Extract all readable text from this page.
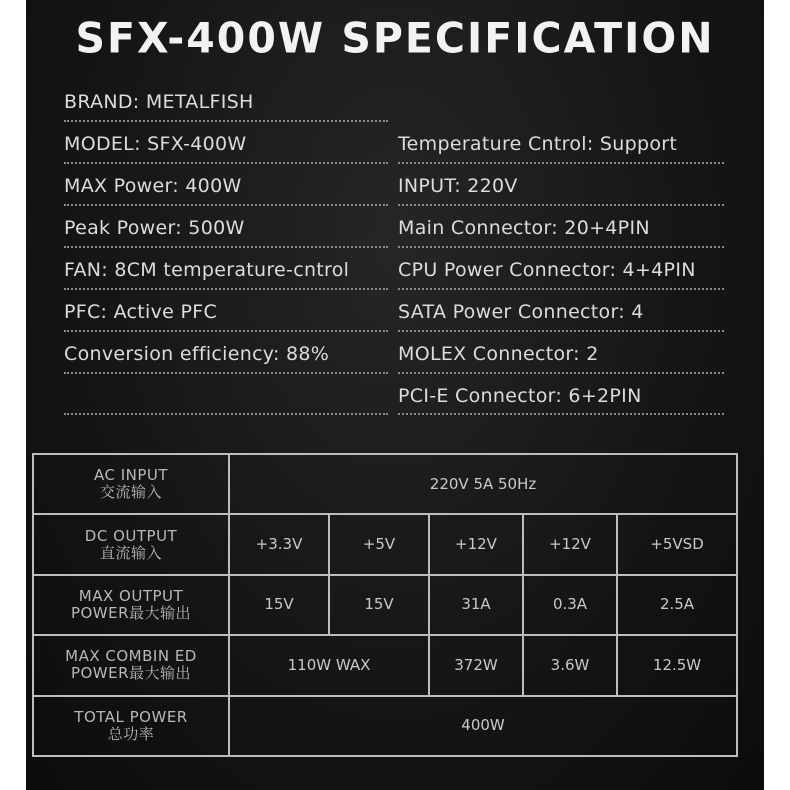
SFX-400W SPECIFICATION
BRAND: METALFISH
MODEL: SFX-400W
MAX Power: 400W
Peak Power: 500W
FAN: 8CM temperature-cntrol
PFC: Active PFC
Conversion efficiency: 88%
Temperature Cntrol: Support
INPUT: 220V
Main Connector: 20+4PIN
CPU Power Connector: 4+4PIN
SATA Power Connector: 4
MOLEX Connector: 2
PCI-E Connector: 6+2PIN
AC INPUT
交流输入	220V 5A 50Hz				

DC OUTPUT
直流输入	+3.3V	+5V	+12V	+12V	+5VSD

MAX OUTPUT
POWER最大输出	15V	15V	31A	0.3A	2.5A

MAX COMBIN ED
POWER最大输出	110W WAX		372W	3.6W	12.5W

TOTAL POWER
总功率	400W				
